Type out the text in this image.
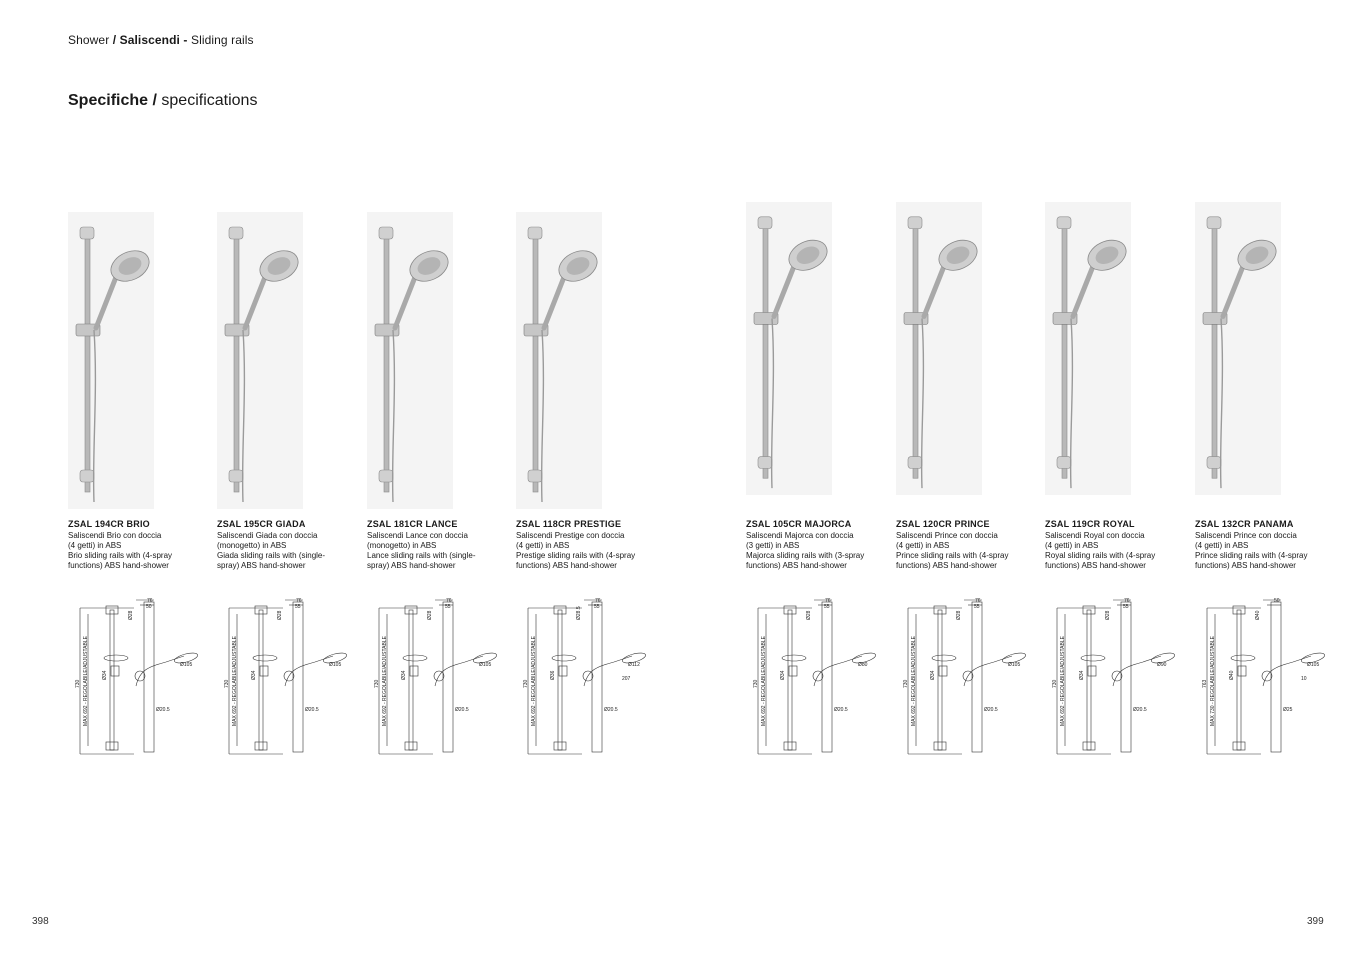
Shower / Saliscendi - Sliding rails
Specifiche / specifications
ZSAL 194CR BRIO
Saliscendi Brio con doccia
(4 getti) in ABS
Brio sliding rails with (4-spray
functions) ABS hand-shower
76
50
Ø28
730 MAX 692 - REGOLABILE/ADJUSTABLE	Ø34
Ø105
Ø20.5
ZSAL 195CR GIADA
Saliscendi Giada con doccia
(monogetto) in ABS
Giada sliding rails with (single-
spray) ABS hand-shower
76
55
Ø28
730 MAX 692 - REGOLABILE/ADJUSTABLE	Ø34
Ø105
Ø20.5
ZSAL 181CR LANCE
Saliscendi Lance con doccia
(monogetto) in ABS
Lance sliding rails with (single-
spray) ABS hand-shower
76
55
Ø28
730 MAX 692 - REGOLABILE/ADJUSTABLE	Ø34
Ø105
Ø20.5
ZSAL 118CR PRESTIGE
Saliscendi Prestige con doccia
(4 getti) in ABS
Prestige sliding rails with (4-spray
functions) ABS hand-shower
76
55
Ø28.5
730 MAX 692 - REGOLABILE/ADJUSTABLE	Ø36
Ø112
Ø20.5
207
ZSAL 105CR MAJORCA
Saliscendi Majorca con doccia
(3 getti) in ABS
Majorca sliding rails with (3-spray
functions) ABS hand-shower
76
55
Ø28
730 MAX 692 - REGOLABILE/ADJUSTABLE	Ø34
Ø80
Ø20.5
ZSAL 120CR PRINCE
Saliscendi Prince con doccia
(4 getti) in ABS
Prince sliding rails with (4-spray
functions) ABS hand-shower
76
55
Ø28
730 MAX 692 - REGOLABILE/ADJUSTABLE	Ø34
Ø105
Ø20.5
ZSAL 119CR ROYAL
Saliscendi Royal con doccia
(4 getti) in ABS
Royal sliding rails with (4-spray
functions) ABS hand-shower
76
55
Ø28
730 MAX 692 - REGOLABILE/ADJUSTABLE	Ø34
Ø90
Ø20.5
ZSAL 132CR PANAMA
Saliscendi Prince con doccia
(4 getti) in ABS
Prince sliding rails with (4-spray
functions) ABS hand-shower
50
Ø40
763 MAX 730 - REGOLABILE/ADJUSTABLE	Ø40
Ø105
Ø25
10
398	399
